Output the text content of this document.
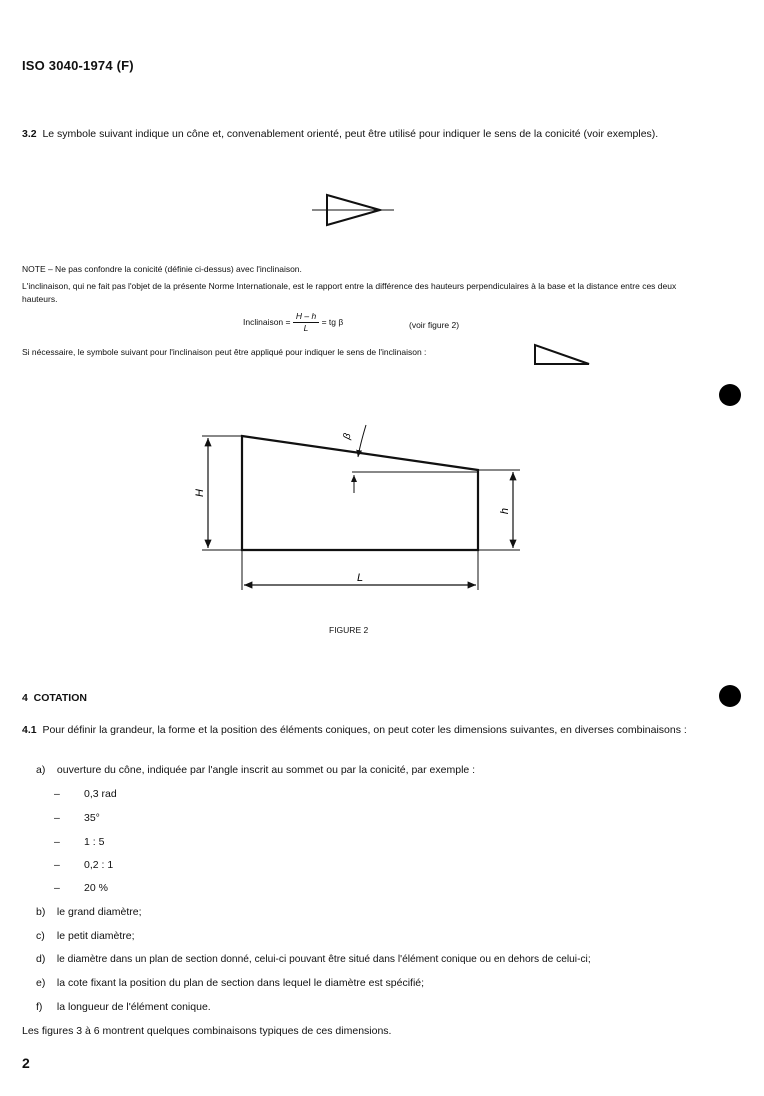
ISO 3040-1974 (F)
3.2 Le symbole suivant indique un cône et, convenablement orienté, peut être utilisé pour indiquer le sens de la conicité (voir exemples).
NOTE – Ne pas confondre la conicité (définie ci-dessus) avec l'inclinaison.
L'inclinaison, qui ne fait pas l'objet de la présente Norme Internationale, est le rapport entre la différence des hauteurs perpendiculaires à la base et la distance entre ces deux hauteurs.
Inclinaison = $\frac{H - h}{L}$ = tg β	(voir figure 2)
Si nécessaire, le symbole suivant pour l'inclinaison peut être appliqué pour indiquer le sens de l'inclinaison :
H
h
L
β
FIGURE 2
4  COTATION
4.1 Pour définir la grandeur, la forme et la position des éléments coniques, on peut coter les dimensions suivantes, en diverses combinaisons :
a) ouverture du cône, indiquée par l'angle inscrit au sommet ou par la conicité, par exemple :
– 0,3 rad
– 35°
– 1 : 5
– 0,2 : 1
– 20 %
b) le grand diamètre;
c) le petit diamètre;
d) le diamètre dans un plan de section donné, celui-ci pouvant être situé dans l'élément conique ou en dehors de celui-ci;
e) la cote fixant la position du plan de section dans lequel le diamètre est spécifié;
f) la longueur de l'élément conique.
Les figures 3 à 6 montrent quelques combinaisons typiques de ces dimensions.
2
